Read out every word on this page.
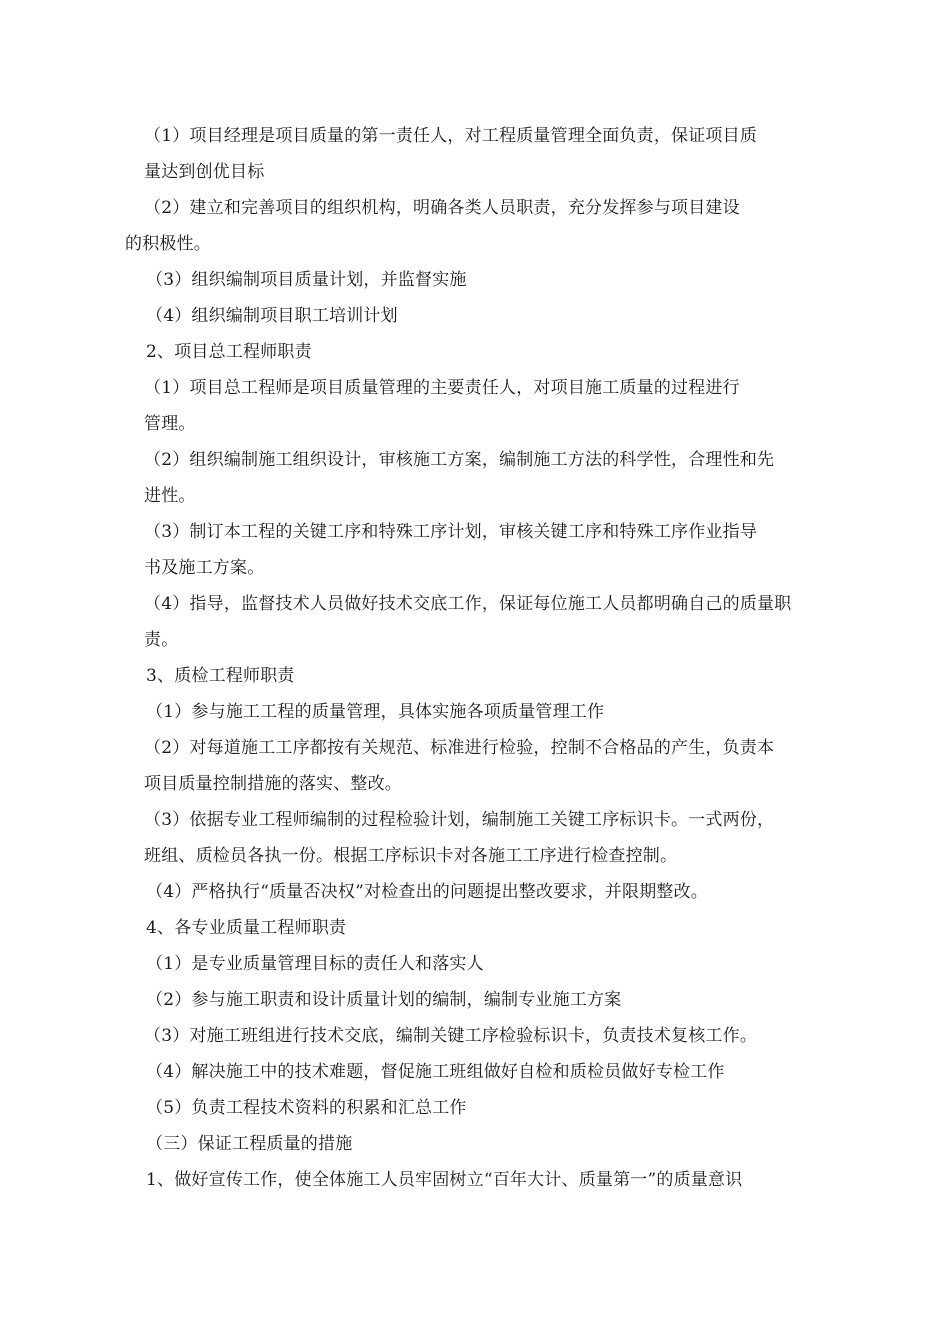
（1）项目经理是项目质量的第一责任人，对工程质量管理全面负责，保证项目质
量达到创优目标
（2）建立和完善项目的组织机构，明确各类人员职责，充分发挥参与项目建设
的积极性。
（3）组织编制项目质量计划，并监督实施
（4）组织编制项目职工培训计划
2、项目总工程师职责
（1）项目总工程师是项目质量管理的主要责任人，对项目施工质量的过程进行
管理。
（2）组织编制施工组织设计，审核施工方案，编制施工方法的科学性，合理性和先
进性。
（3）制订本工程的关键工序和特殊工序计划，审核关键工序和特殊工序作业指导
书及施工方案。
（4）指导，监督技术人员做好技术交底工作，保证每位施工人员都明确自己的质量职
责。
3、质检工程师职责
（1）参与施工工程的质量管理，具体实施各项质量管理工作
（2）对每道施工工序都按有关规范、标准进行检验，控制不合格品的产生，负责本
项目质量控制措施的落实、整改。
（3）依据专业工程师编制的过程检验计划，编制施工关键工序标识卡。一式两份，
班组、质检员各执一份。根据工序标识卡对各施工工序进行检查控制。
（4）严格执行“质量否决权”对检查出的问题提出整改要求，并限期整改。
4、各专业质量工程师职责
（1）是专业质量管理目标的责任人和落实人
（2）参与施工职责和设计质量计划的编制，编制专业施工方案
（3）对施工班组进行技术交底，编制关键工序检验标识卡，负责技术复核工作。
（4）解决施工中的技术难题，督促施工班组做好自检和质检员做好专检工作
（5）负责工程技术资料的积累和汇总工作
（三）保证工程质量的措施
1、做好宣传工作，使全体施工人员牢固树立“百年大计、质量第一”的质量意识
